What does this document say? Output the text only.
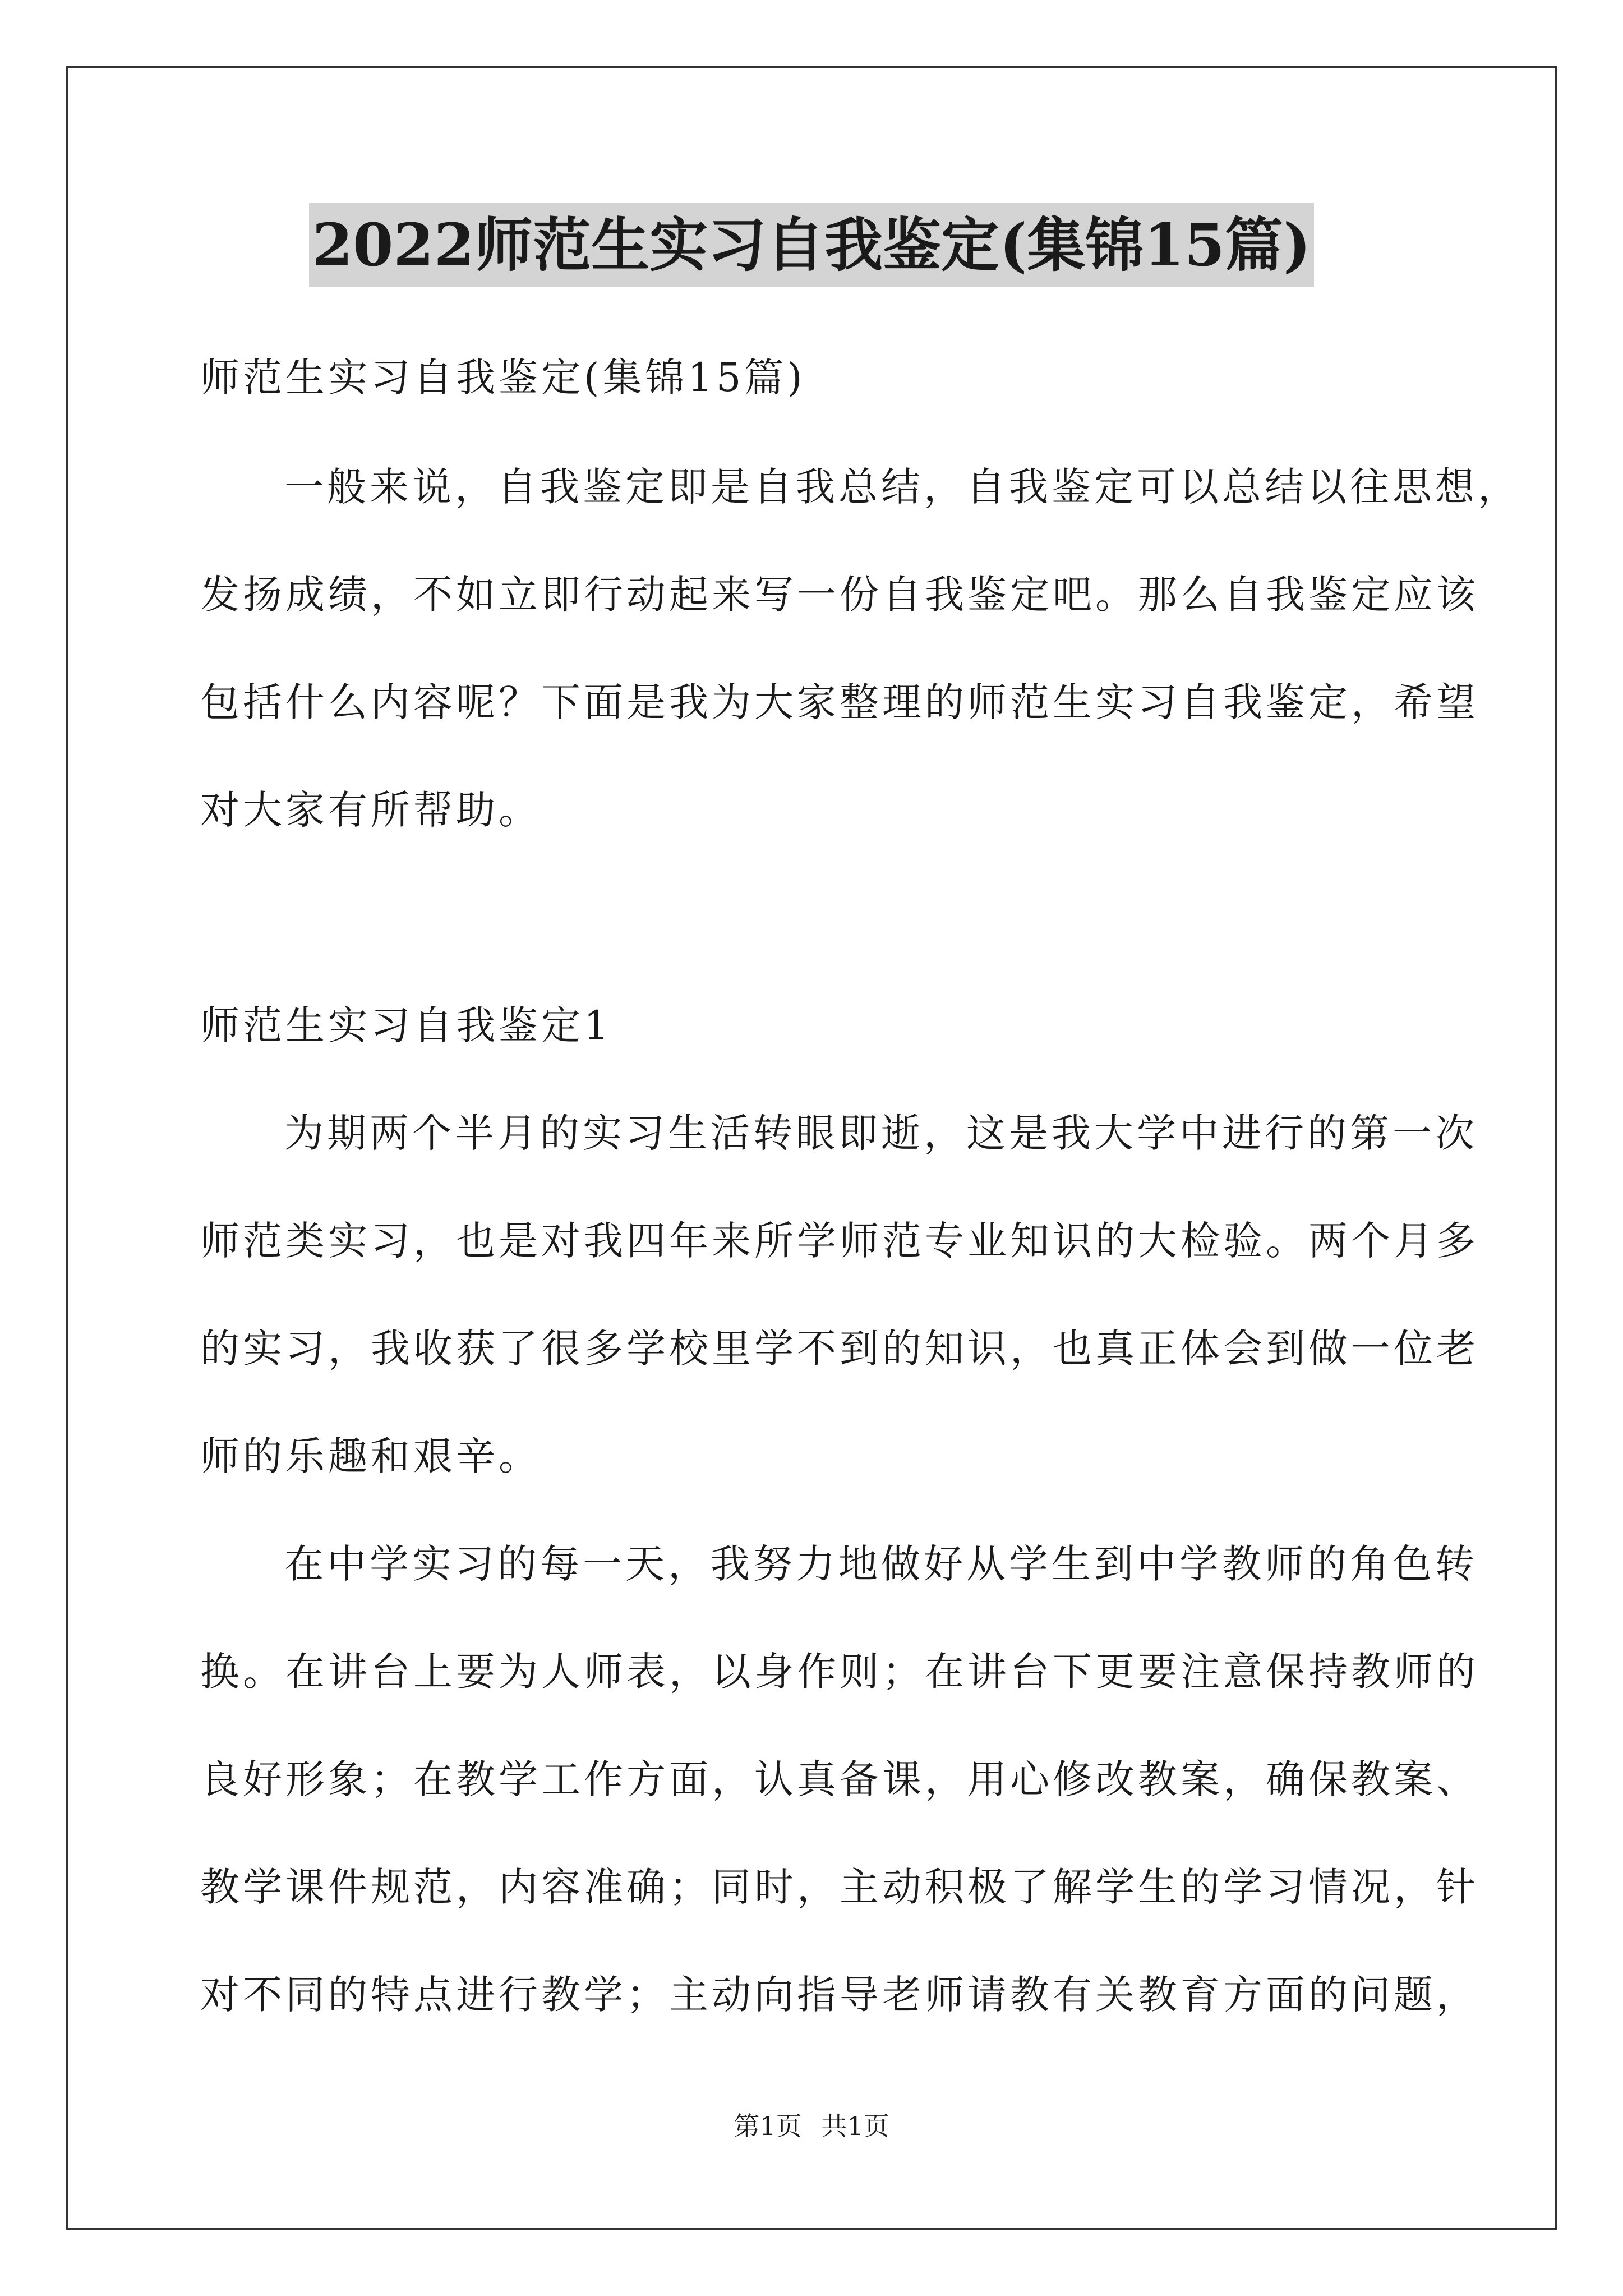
2022师范生实习自我鉴定(集锦15篇)
师范生实习自我鉴定(集锦15篇)
一般来说，自我鉴定即是自我总结，自我鉴定可以总结以往思想，
发扬成绩，不如立即行动起来写一份自我鉴定吧。那么自我鉴定应该
包括什么内容呢？下面是我为大家整理的师范生实习自我鉴定，希望
对大家有所帮助。
师范生实习自我鉴定1
为期两个半月的实习生活转眼即逝，这是我大学中进行的第一次
师范类实习，也是对我四年来所学师范专业知识的大检验。两个月多
的实习，我收获了很多学校里学不到的知识，也真正体会到做一位老
师的乐趣和艰辛。
在中学实习的每一天，我努力地做好从学生到中学教师的角色转
换。在讲台上要为人师表，以身作则；在讲台下更要注意保持教师的
良好形象；在教学工作方面，认真备课，用心修改教案，确保教案、
教学课件规范，内容准确；同时，主动积极了解学生的学习情况，针
对不同的特点进行教学；主动向指导老师请教有关教育方面的问题，
第1页 共1页
